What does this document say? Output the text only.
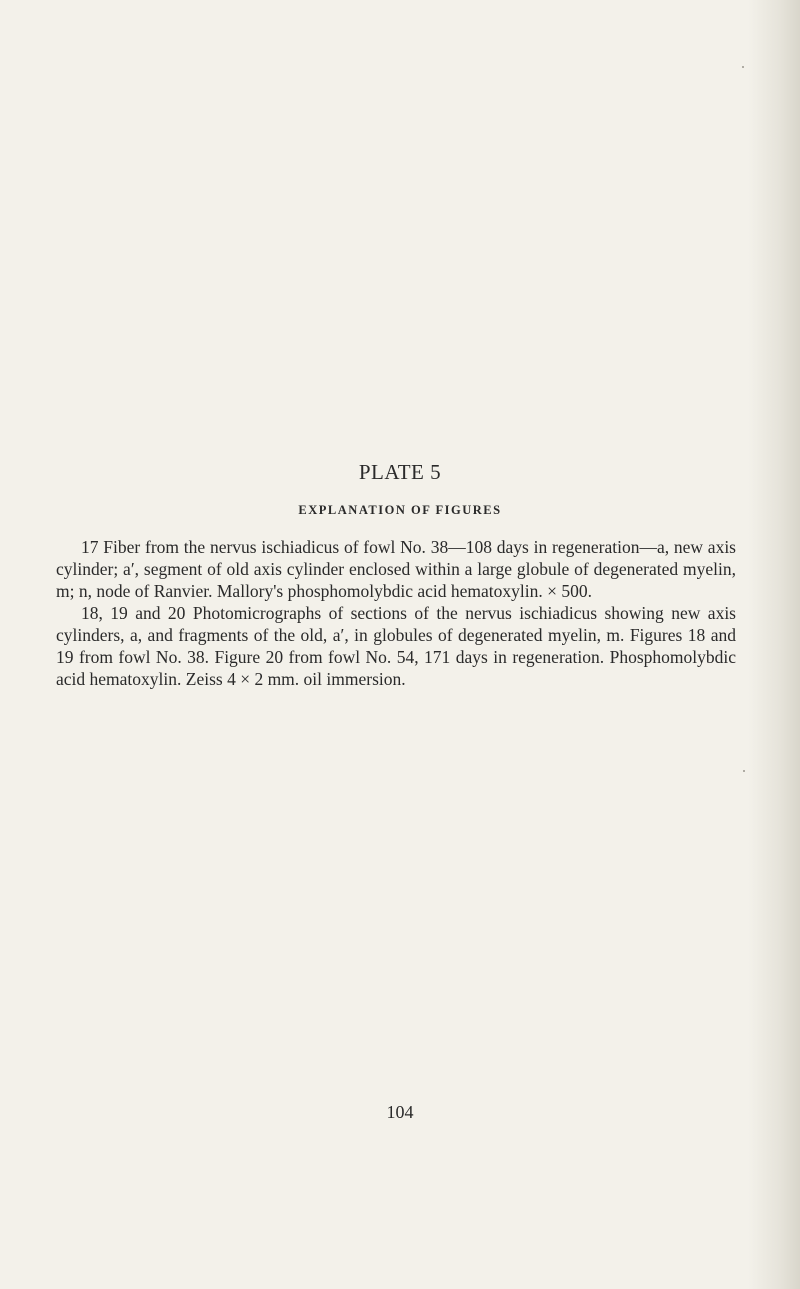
PLATE 5
EXPLANATION OF FIGURES

17 Fiber from the nervus ischiadicus of fowl No. 38—108 days in regeneration—a, new axis cylinder; a′, segment of old axis cylinder enclosed within a large globule of degenerated myelin, m; n, node of Ranvier. Mallory's phosphomolybdic acid hematoxylin. × 500.

18, 19 and 20 Photomicrographs of sections of the nervus ischiadicus showing new axis cylinders, a, and fragments of the old, a′, in globules of degenerated myelin, m. Figures 18 and 19 from fowl No. 38. Figure 20 from fowl No. 54, 171 days in regeneration. Phosphomolybdic acid hematoxylin. Zeiss 4 × 2 mm. oil immersion.

104
